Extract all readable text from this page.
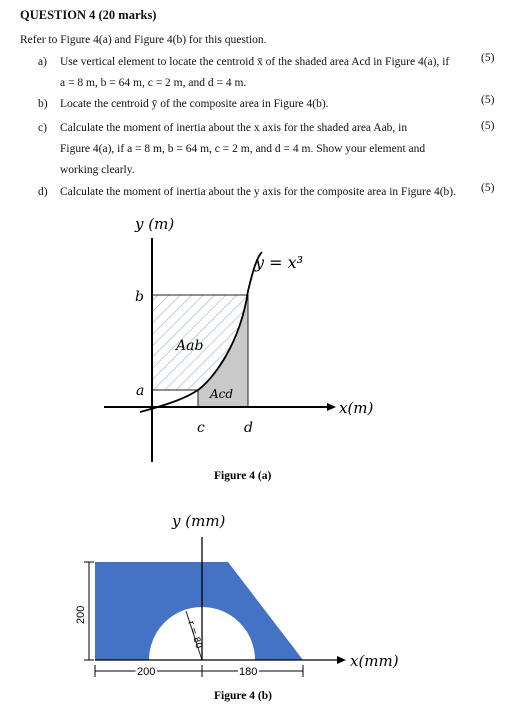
QUESTION 4 (20 marks)
Refer to Figure 4(a) and Figure 4(b) for this question.
a) Use vertical element to locate the centroid x̄ of the shaded area Acd in Figure 4(a), if
a = 8 m, b = 64 m, c = 2 m, and d = 4 m.
(5)
b) Locate the centroid ȳ of the composite area in Figure 4(b).	(5)
c) Calculate the moment of inertia about the x axis for the shaded area Aab, in
Figure 4(a), if a = 8 m, b = 64 m, c = 2 m, and d = 4 m. Show your element and
working clearly.
(5)
d) Calculate the moment of inertia about the y axis for the composite area in Figure 4(b).	(5)
y (m)
x(m)
y = x³
b
a
c	d
Aab
Acd
Figure 4 (a)
r = 80
y (mm)
x(mm)
200
200	180
Figure 4 (b)
